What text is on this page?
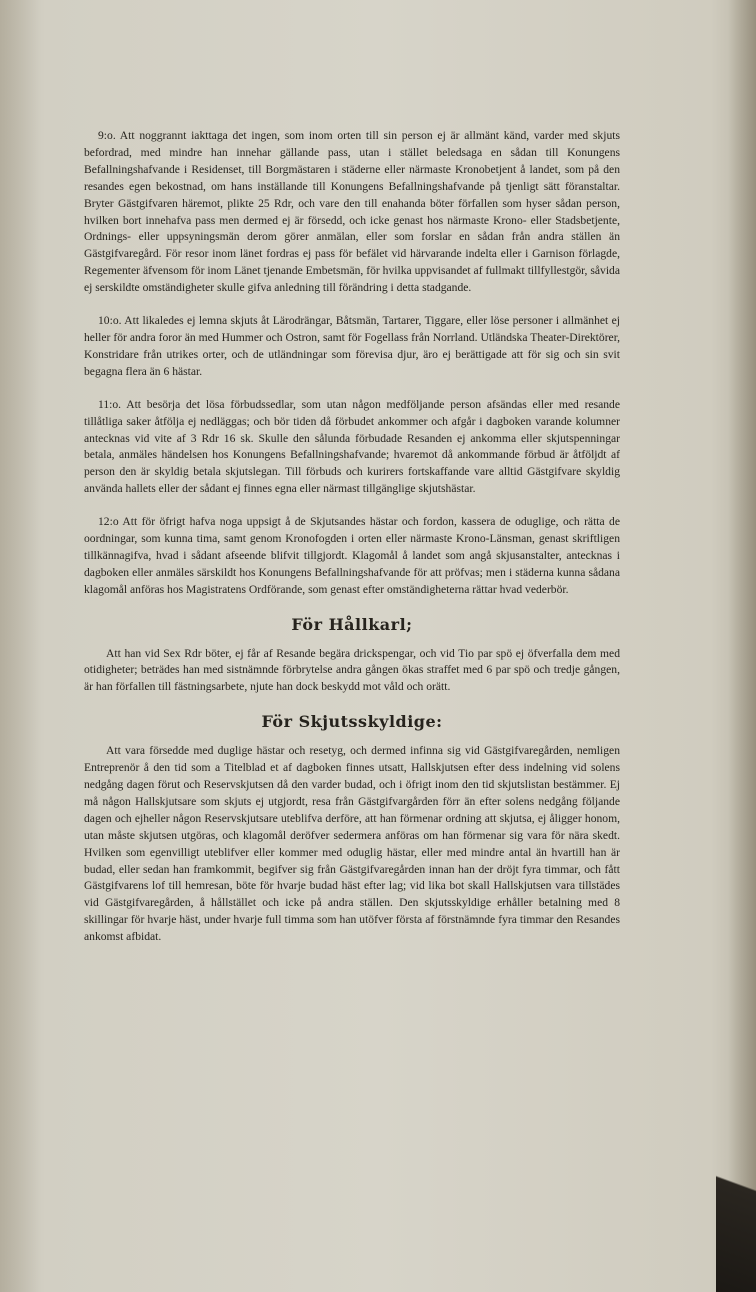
9:o. Att noggrannt iakttaga det ingen, som inom orten till sin person ej är allmänt känd, varder med skjuts befordrad, med mindre han innehar gällande pass, utan i stället beledsaga en sådan till Konungens Befallningshafvande i Residenset, till Borgmästaren i städerne eller närmaste Kronobetjent å landet, som på den resandes egen bekostnad, om hans inställande till Konungens Befallningshafvande på tjenligt sätt föranstaltar. Bryter Gästgifvaren häremot, plikte 25 Rdr, och vare den till enahanda böter förfallen som hyser sådan person, hvilken bort innehafva pass men dermed ej är försedd, och icke genast hos närmaste Krono- eller Stadsbetjente, Ordnings- eller uppsyningsmän derom görer anmälan, eller som forslar en sådan från andra ställen än Gästgifvaregård. För resor inom länet fordras ej pass för befälet vid härvarande indelta eller i Garnison förlagde, Regementer äfvensom för inom Länet tjenande Embetsmän, för hvilka uppvisandet af fullmakt tillfyllestgör, såvida ej serskildte omständigheter skulle gifva anledning till förändring i detta stadgande.

10:o. Att likaledes ej lemna skjuts åt Lärodrängar, Båtsmän, Tartarer, Tiggare, eller löse personer i allmänhet ej heller för andra foror än med Hummer och Ostron, samt för Fogellass från Norrland. Utländska Theater-Direktörer, Konstridare från utrikes orter, och de utländningar som förevisa djur, äro ej berättigade att för sig och sin svit begagna flera än 6 hästar.

11:o. Att besörja det lösa förbudssedlar, som utan någon medföljande person afsändas eller med resande tillåtliga saker åtfölja ej nedläggas; och bör tiden då förbudet ankommer och afgår i dagboken varande kolumner antecknas vid vite af 3 Rdr 16 sk. Skulle den sålunda förbudade Resanden ej ankomma eller skjutspenningar betala, anmäles händelsen hos Konungens Befallningshafvande; hvaremot då ankommande förbud är åtföljdt af person den är skyldig betala skjutslegan. Till förbuds och kurirers fortskaffande vare alltid Gästgifvare skyldig använda hallets eller der sådant ej finnes egna eller närmast tillgänglige skjutshästar.

12:o Att för öfrigt hafva noga uppsigt å de Skjutsandes hästar och fordon, kassera de oduglige, och rätta de oordningar, som kunna tima, samt genom Kronofogden i orten eller närmaste Krono-Länsman, genast skriftligen tillkännagifva, hvad i sådant afseende blifvit tillgjordt. Klagomål å landet som angå skjusanstalter, antecknas i dagboken eller anmäles särskildt hos Konungens Befallningshafvande för att pröfvas; men i städerna kunna sådana klagomål anföras hos Magistratens Ordförande, som genast efter omständigheterna rättar hvad vederbör.

För Hållkarl;

Att han vid Sex Rdr böter, ej får af Resande begära drickspengar, och vid Tio par spö ej öfverfalla dem med otidigheter; beträdes han med sistnämnde förbrytelse andra gången ökas straffet med 6 par spö och tredje gången, är han förfallen till fästningsarbete, njute han dock beskydd mot våld och orätt.

För Skjutsskyldige:

Att vara försedde med duglige hästar och resetyg, och dermed infinna sig vid Gästgifvaregården, nemligen Entreprenör å den tid som a Titelblad et af dagboken finnes utsatt, Hallskjutsen efter dess indelning vid solens nedgång dagen förut och Reservskjutsen då den varder budad, och i öfrigt inom den tid skjutslistan bestämmer. Ej må någon Hallskjutsare som skjuts ej utgjordt, resa från Gästgifvargården förr än efter solens nedgång följande dagen och ejheller någon Reservskjutsare uteblifva derföre, att han förmenar ordning att skjutsa, ej åligger honom, utan måste skjutsen utgöras, och klagomål deröfver sedermera anföras om han förmenar sig vara för nära skedt. Hvilken som egenvilligt uteblifver eller kommer med oduglig hästar, eller med mindre antal än hvartill han är budad, eller sedan han framkommit, begifver sig från Gästgifvaregården innan han der dröjt fyra timmar, och fått Gästgifvarens lof till hemresan, böte för hvarje budad häst efter lag; vid lika bot skall Hallskjutsen vara tillstädes vid Gästgifvaregården, å hållstället och icke på andra ställen. Den skjutsskyldige erhåller betalning med 8 skillingar för hvarje häst, under hvarje full timma som han utöfver första af förstnämnde fyra timmar den Resandes ankomst afbidat.
